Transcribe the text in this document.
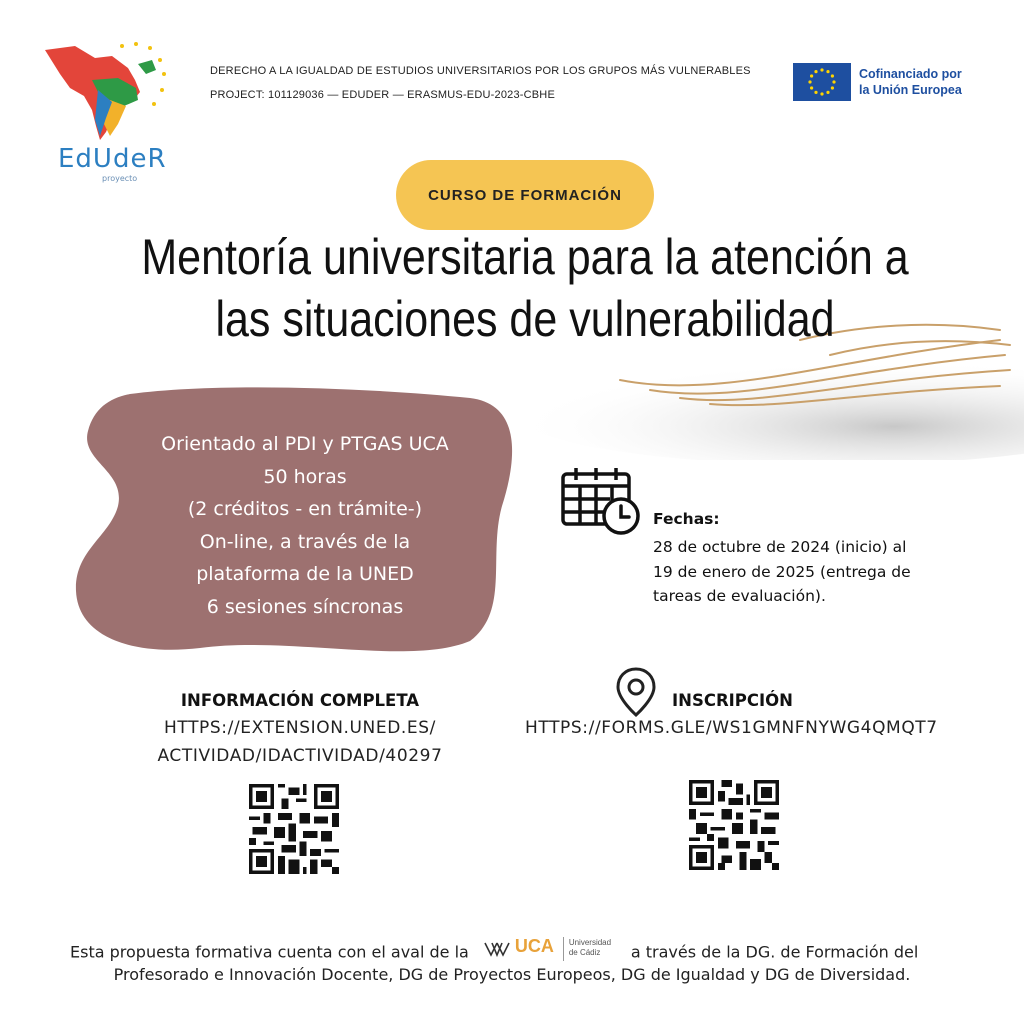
EdUdeR
proyecto
DERECHO A LA IGUALDAD DE ESTUDIOS UNIVERSITARIOS POR LOS GRUPOS MÁS VULNERABLES
PROJECT: 101129036 — EDUDER — ERASMUS-EDU-2023-CBHE
Cofinanciado por
la Unión Europea
CURSO DE FORMACIÓN
Mentoría universitaria para la atención a
las situaciones de vulnerabilidad
Orientado al PDI y PTGAS UCA
50 horas
(2 créditos - en trámite-)
On-line, a través de la
plataforma de la UNED
6 sesiones síncronas
Fechas:
28 de octubre de 2024 (inicio) al
19 de enero de 2025 (entrega de
tareas de evaluación).
INFORMACIÓN COMPLETA
HTTPS://EXTENSION.UNED.ES/
ACTIVIDAD/IDACTIVIDAD/40297
INSCRIPCIÓN
HTTPS://FORMS.GLE/WS1GMNFNYWG4QMQT7
Esta propuesta formativa cuenta con el aval de la	UCA Universidad
de Cádiz	a través de la DG. de Formación del
Profesorado e Innovación Docente, DG de Proyectos Europeos, DG de Igualdad y DG de Diversidad.
